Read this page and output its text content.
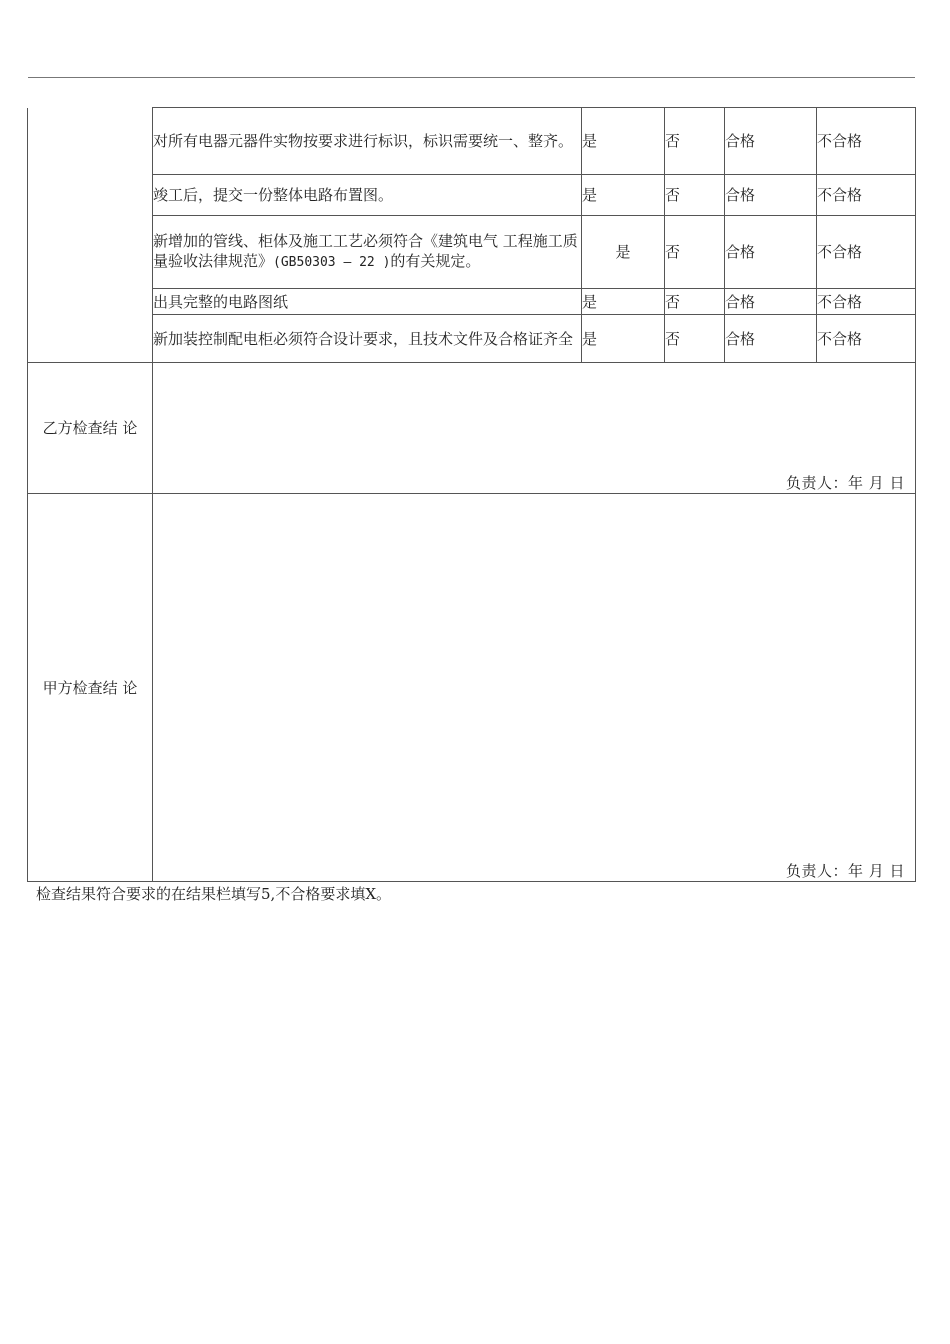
	对所有电器元器件实物按要求进行标识，标识需要统一、整齐。	是	否	合格	不合格
	竣工后，提交一份整体电路布置图。	是	否	合格	不合格
	新增加的管线、柜体及施工工艺必须符合《建筑电气 工程施工质量验收法律规范》(GB50303 — 22 )的有关规定。	是	否	合格	不合格
	出具完整的电路图纸	是	否	合格	不合格
	新加装控制配电柜必须符合设计要求，且技术文件及合格证齐全	是	否	合格	不合格
乙方检查结 论	负责人：年 月 日				

甲方检查结 论	负责人：年 月 日				
检查结果符合要求的在结果栏填写5,不合格要求填X。
